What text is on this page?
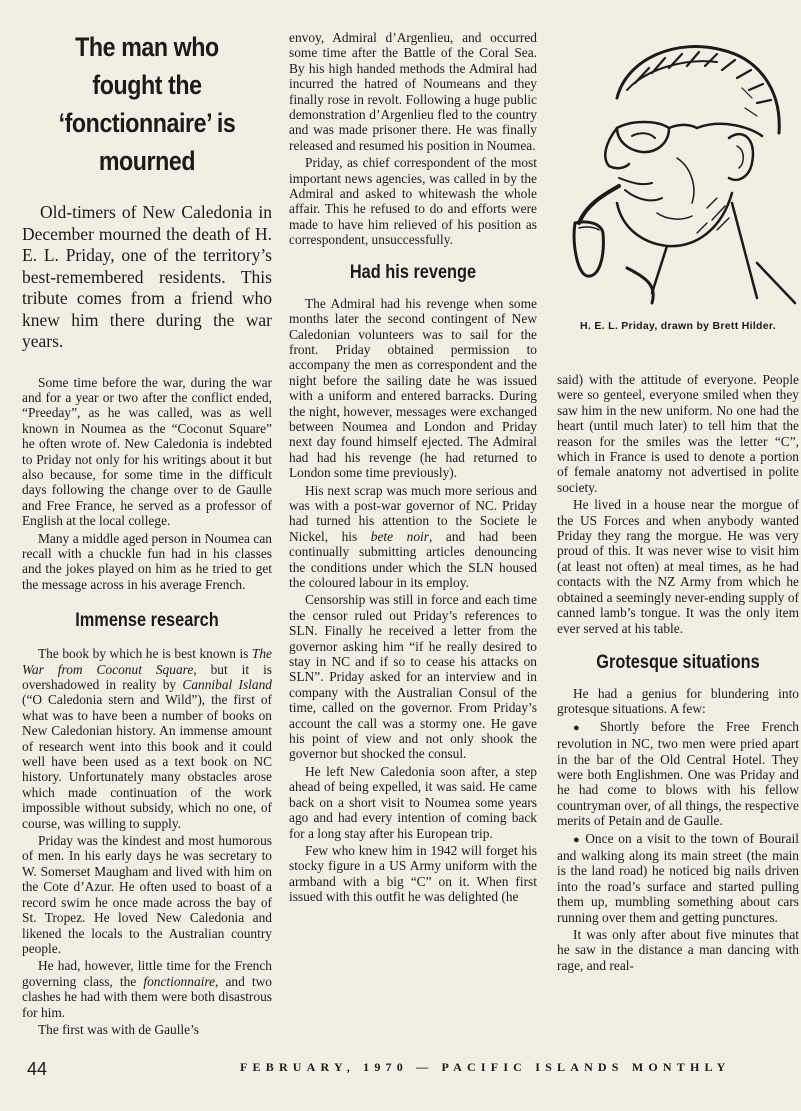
The man who fought the ‘fonctionnaire’ is mourned

Old-timers of New Caledonia in December mourned the death of H. E. L. Priday, one of the territory’s best-remembered residents. This tribute comes from a friend who knew him there during the war years.

Some time before the war, during the war and for a year or two after the conflict ended, “Preeday”, as he was called, was as well known in Noumea as the “Coconut Square” he often wrote of. New Caledonia is indebted to Priday not only for his writings about it but also because, for some time in the difficult days following the change over to de Gaulle and Free France, he served as a professor of English at the local college.

Many a middle aged person in Noumea can recall with a chuckle fun had in his classes and the jokes played on him as he tried to get the message across in his average French.

Immense research

The book by which he is best known is The War from Coconut Square, but it is overshadowed in reality by Cannibal Island (“O Caledonia stern and Wild”), the first of what was to have been a number of books on New Caledonian history. An immense amount of research went into this book and it could well have been used as a text book on NC history. Unfortunately many obstacles arose which made continuation of the work impossible without subsidy, which no one, of course, was willing to supply.

Priday was the kindest and most humorous of men. In his early days he was secretary to W. Somerset Maugham and lived with him on the Cote d’Azur. He often used to boast of a record swim he once made across the bay of St. Tropez. He loved New Caledonia and likened the locals to the Australian country people.

He had, however, little time for the French governing class, the fonctionnaire, and two clashes he had with them were both disastrous for him.

The first was with de Gaulle’s

envoy, Admiral d’Argenlieu, and occurred some time after the Battle of the Coral Sea. By his high handed methods the Admiral had incurred the hatred of Noumeans and they finally rose in revolt. Following a huge public demonstration d’Argenlieu fled to the country and was made prisoner there. He was finally released and resumed his position in Noumea.

Priday, as chief correspondent of the most important news agencies, was called in by the Admiral and asked to whitewash the whole affair. This he refused to do and efforts were made to have him relieved of his position as correspondent, unsuccessfully.

Had his revenge

The Admiral had his revenge when some months later the second contingent of New Caledonian volunteers was to sail for the front. Priday obtained permission to accompany the men as correspondent and the night before the sailing date he was issued with a uniform and entered barracks. During the night, however, messages were exchanged between Noumea and London and Priday next day found himself ejected. The Admiral had had his revenge (he had returned to London some time previously).

His next scrap was much more serious and was with a post-war governor of NC. Priday had turned his attention to the Societe le Nickel, his bete noir, and had been continually submitting articles denouncing the conditions under which the SLN housed the coloured labour in its employ.

Censorship was still in force and each time the censor ruled out Priday’s references to SLN. Finally he received a letter from the governor asking him “if he really desired to stay in NC and if so to cease his attacks on SLN”. Priday asked for an interview and in company with the Australian Consul of the time, called on the governor. From Priday’s account the call was a stormy one. He gave his point of view and not only shook the governor but shocked the consul.

He left New Caledonia soon after, a step ahead of being expelled, it was said. He came back on a short visit to Noumea some years ago and had every intention of coming back for a long stay after his European trip.

Few who knew him in 1942 will forget his stocky figure in a US Army uniform with the armband with a big “C” on it. When first issued with this outfit he was delighted (he

H. E. L. Priday, drawn by Brett Hilder.

said) with the attitude of everyone. People were so genteel, everyone smiled when they saw him in the new uniform. No one had the heart (until much later) to tell him that the reason for the smiles was the letter “C”, which in France is used to denote a portion of female anatomy not advertised in polite society.

He lived in a house near the morgue of the US Forces and when anybody wanted Priday they rang the morgue. He was very proud of this. It was never wise to visit him (at least not often) at meal times, as he had contacts with the NZ Army from which he obtained a seemingly never-ending supply of canned lamb’s tongue. It was the only item ever served at his table.

Grotesque situations

He had a genius for blundering into grotesque situations. A few:

● Shortly before the Free French revolution in NC, two men were pried apart in the bar of the Old Central Hotel. They were both Englishmen. One was Priday and he had come to blows with his fellow countryman over, of all things, the respective merits of Petain and de Gaulle.

● Once on a visit to the town of Bourail and walking along its main street (the main is the land road) he noticed big nails driven into the road’s surface and started pulling them up, mumbling something about cars running over them and getting punctures.

It was only after about five minutes that he saw in the distance a man dancing with rage, and real-

44	FEBRUARY, 1970 — PACIFIC ISLANDS MONTHLY
